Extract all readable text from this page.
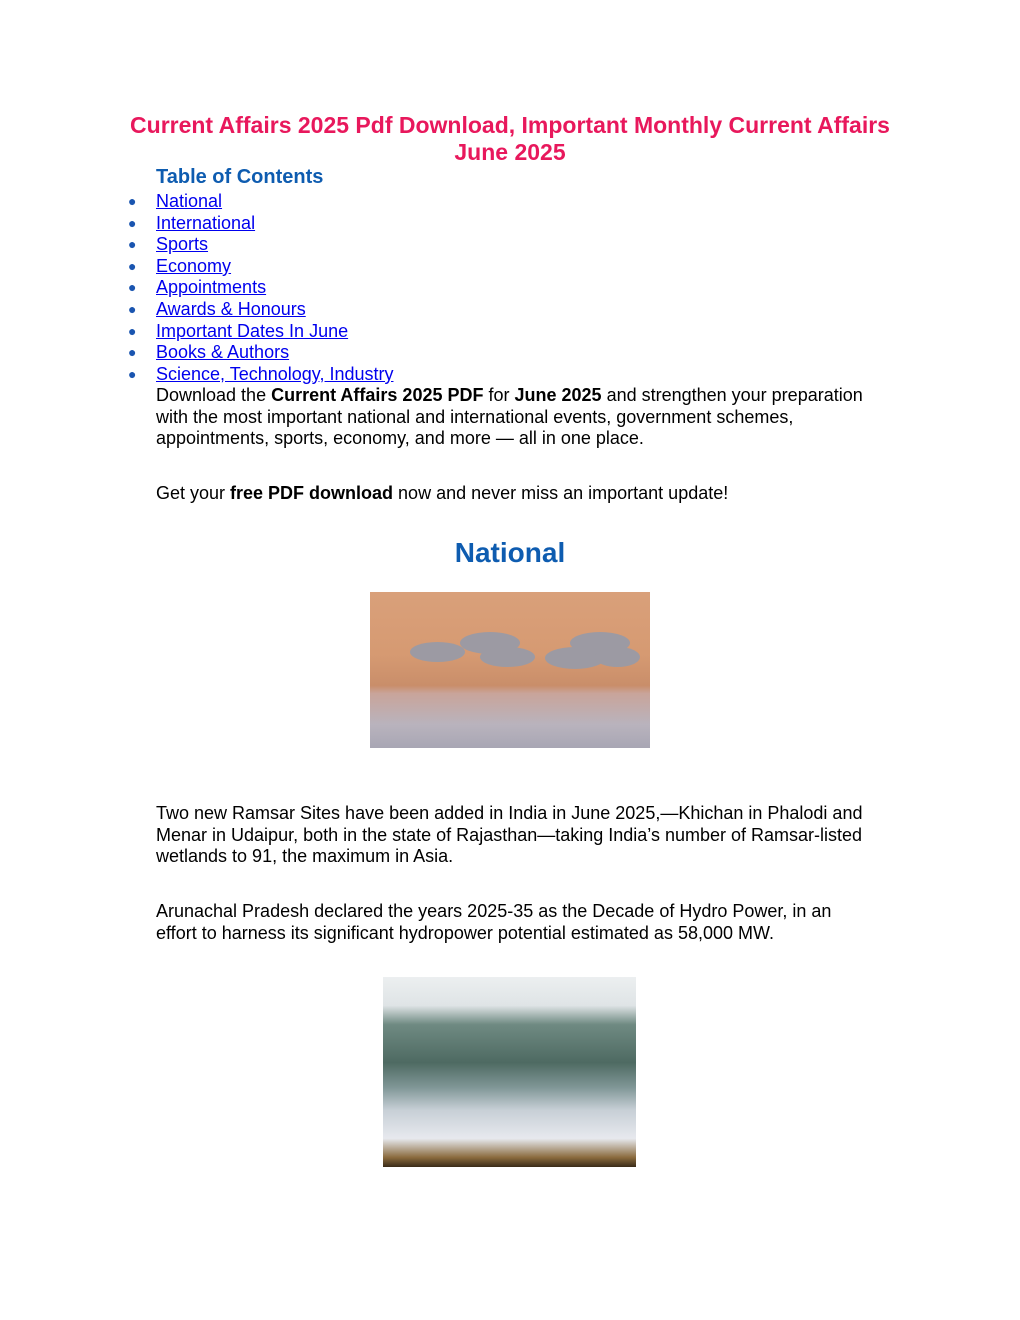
Current Affairs 2025 Pdf Download, Important Monthly Current Affairs June 2025
Table of Contents
● National
● International
● Sports
● Economy
● Appointments
● Awards & Honours
● Important Dates In June
● Books & Authors
● Science, Technology, Industry

Download the Current Affairs 2025 PDF for June 2025 and strengthen your preparation with the most important national and international events, government schemes, appointments, sports, economy, and more — all in one place.

Get your free PDF download now and never miss an important update!

National

Two new Ramsar Sites have been added in India in June 2025,—Khichan in Phalodi and Menar in Udaipur, both in the state of Rajasthan—taking India’s number of Ramsar-listed wetlands to 91, the maximum in Asia.

Arunachal Pradesh declared the years 2025-35 as the Decade of Hydro Power, in an effort to harness its significant hydropower potential estimated as 58,000 MW.
